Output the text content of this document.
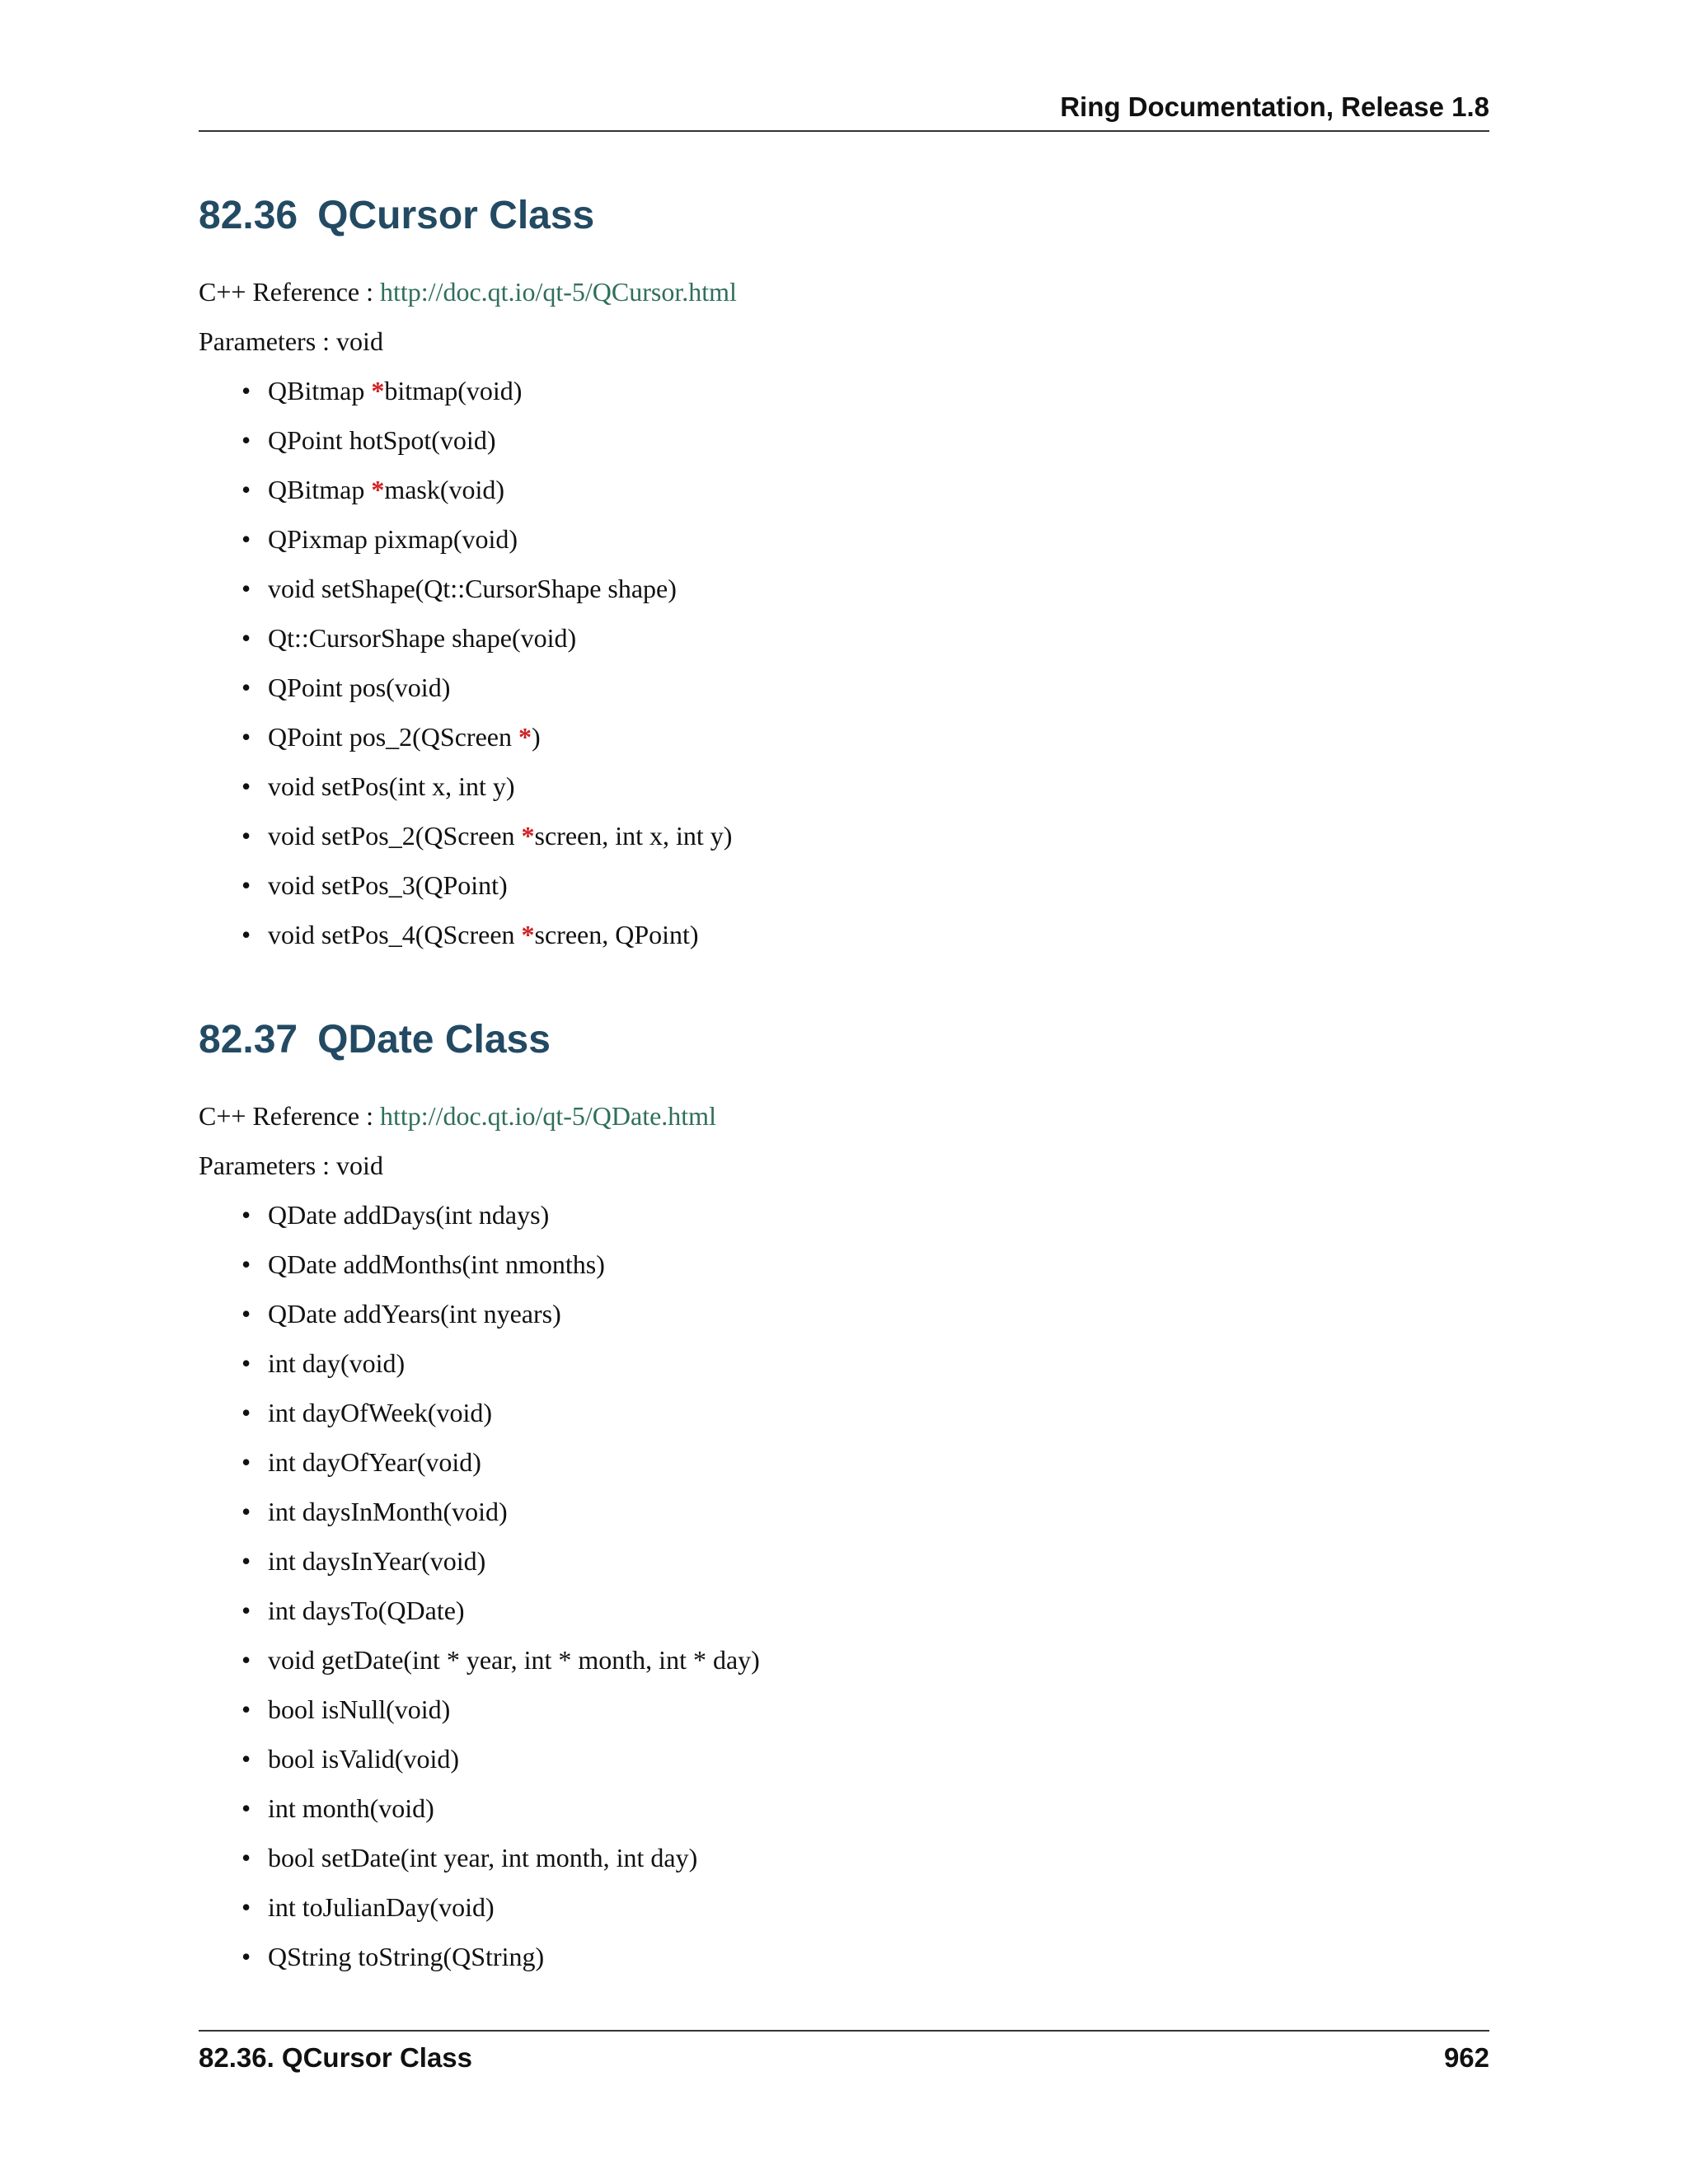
Ring Documentation, Release 1.8
82.36 QCursor Class
C++ Reference : http://doc.qt.io/qt-5/QCursor.html
Parameters : void
• QBitmap *bitmap(void)
• QPoint hotSpot(void)
• QBitmap *mask(void)
• QPixmap pixmap(void)
• void setShape(Qt::CursorShape shape)
• Qt::CursorShape shape(void)
• QPoint pos(void)
• QPoint pos_2(QScreen *)
• void setPos(int x, int y)
• void setPos_2(QScreen *screen, int x, int y)
• void setPos_3(QPoint)
• void setPos_4(QScreen *screen, QPoint)
82.37 QDate Class
C++ Reference : http://doc.qt.io/qt-5/QDate.html
Parameters : void
• QDate addDays(int ndays)
• QDate addMonths(int nmonths)
• QDate addYears(int nyears)
• int day(void)
• int dayOfWeek(void)
• int dayOfYear(void)
• int daysInMonth(void)
• int daysInYear(void)
• int daysTo(QDate)
• void getDate(int * year, int * month, int * day)
• bool isNull(void)
• bool isValid(void)
• int month(void)
• bool setDate(int year, int month, int day)
• int toJulianDay(void)
• QString toString(QString)
82.36. QCursor Class	962
